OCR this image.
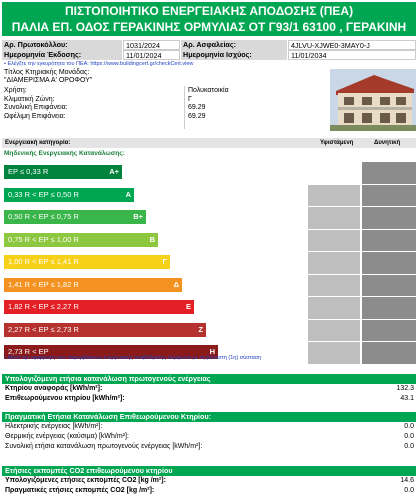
ΠΙΣΤΟΠΟΙΗΤΙΚΟ ΕΝΕΡΓΕΙΑΚΗΣ ΑΠΟΔΟΣΗΣ (ΠΕΑ)
ΠΑΛΙΑ ΕΠ. ΟΔΟΣ ΓΕΡΑΚΙΝΗΣ ΟΡΜΥΛΙΑΣ ΟΤ Γ93/1 63100 , ΓΕΡΑΚΙΝΗ
Αρ. Πρωτοκόλλου:	1031/2024	Αρ. Ασφαλείας:	4JLVU-XJWE0-3MAY0-J
Ημερομηνία Έκδοσης:	11/01/2024	Ημερομηνία Ισχύος:	11/01/2034
• Ελέγξτε την εγκυρότητα του ΠΕΑ: https://www.buildingcert.gr/checkCert.view
Τίτλος Κτηριακής Μονάδας:
"ΔΙΑΜΕΡΙΣΜΑ Α' ΟΡΟΦΟΥ"
Χρήση:	Πολυκατοικία
Κλιματική Ζώνη:	Γ
Συνολική Επιφάνεια:	69.29
Ωφέλιμη Επιφάνεια:	69.29
Ενεργειακή κατηγορία:	Υφιστάμενη	Δυνητική
Μηδενικής Ενεργειακής Κατανάλωσης:
EP ≤ 0,33 R	A+
0,33 R < EP ≤ 0,50 R	A
0,50 R < EP ≤ 0,75 R	B+
0,75 R < EP ≤ 1,00 R	B
1,00 R < EP ≤ 1,41 R	Γ
1,41 R < EP ≤ 1,82 R	Δ
1,82 R < EP ≤ 2,27 R	Ε
2,27 R < EP ≤ 2,73 R	Ζ
2,73 R < EP	Η
• Μετά την εφαρμογή των παρεμβάσεων ενεργειακής αναβάθμισης σύμφωνα με τη βέλτιστη (1η) σύσταση
Υπολογιζόμενη ετήσια κατανάλωση πρωτογενούς ενέργειας
Κτηρίου αναφοράς [kWh/m²]:	132.3
Επιθεωρούμενου κτηρίου [kWh/m²]:	43.1
Πραγματική Ετήσια Κατανάλωση Επιθεωρούμενου Κτηρίου:
Ηλεκτρικής ενέργειας [kWh/m²]:	0.0
Θερμικής ενέργειας (καύσιμα) [kWh/m²]:	0.0
Συνολική ετήσια κατανάλωση πρωτογενούς ενέργειας [kWh/m²]:	0.0
Ετήσιες εκπομπές CO2 επιθεωρούμενου κτηρίου
Υπολογιζόμενες ετήσιες εκπομπές CO2 [kg /m²]:	14.6
Πραγματικές ετήσιες εκπομπές CO2 [kg /m²]:	0.0
